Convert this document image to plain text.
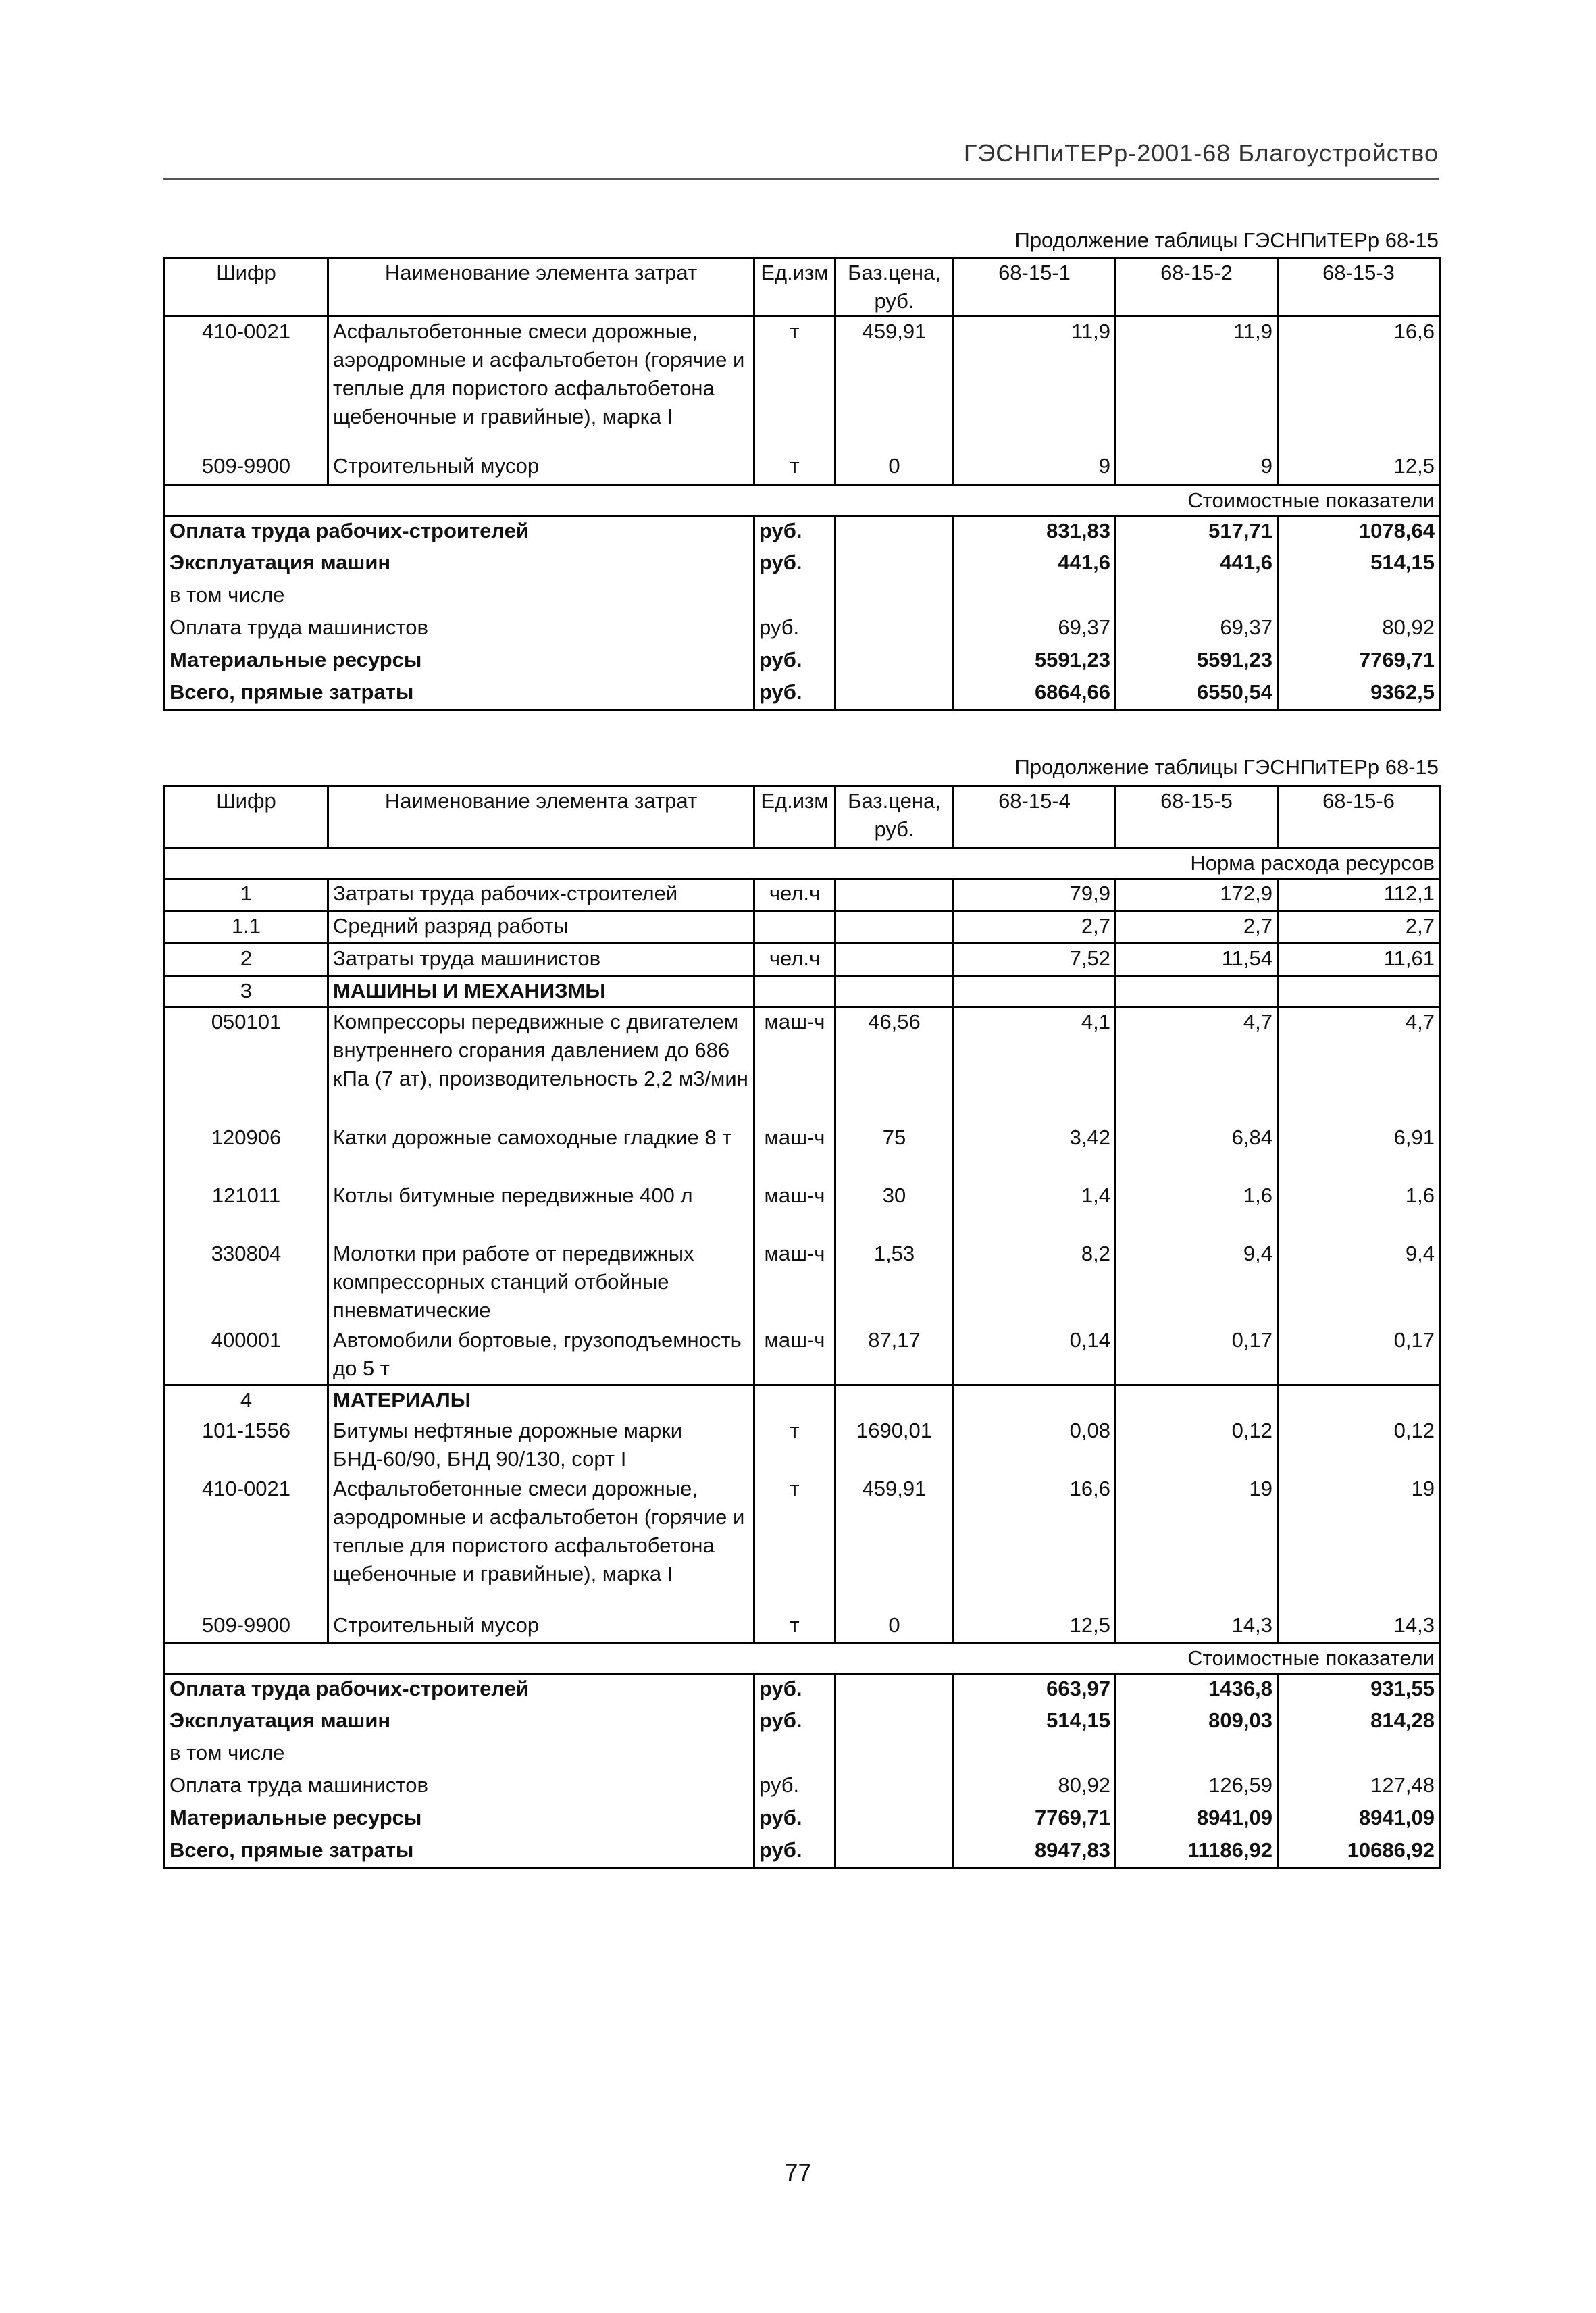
ГЭСНПиТЕРр-2001-68 Благоустройство
Продолжение таблицы ГЭСНПиТЕРр 68-15
Шифр	Наименование элемента затрат	Ед.изм	Баз.цена, руб.	68-15-1	68-15-2	68-15-3
410-0021	Асфальтобетонные смеси дорожные, аэродромные и асфальтобетон (горячие и теплые для пористого асфальтобетона щебеночные и гравийные), марка I	т	459,91	11,9	11,9	16,6
509-9900	Строительный мусор	т	0	9	9	12,5
Стоимостные показатели						
Оплата труда рабочих-строителей		руб.		831,83	517,71	1078,64
Эксплуатация машин		руб.		441,6	441,6	514,15
в том числе						
Оплата труда машинистов		руб.		69,37	69,37	80,92
Материальные ресурсы		руб.		5591,23	5591,23	7769,71
Всего, прямые затраты		руб.		6864,66	6550,54	9362,5
Продолжение таблицы ГЭСНПиТЕРр 68-15
Шифр	Наименование элемента затрат	Ед.изм	Баз.цена, руб.	68-15-4	68-15-5	68-15-6
Норма расхода ресурсов						
1	Затраты труда рабочих-строителей	чел.ч		79,9	172,9	112,1
1.1	Средний разряд работы			2,7	2,7	2,7
2	Затраты труда машинистов	чел.ч		7,52	11,54	11,61
3	МАШИНЫ И МЕХАНИЗМЫ					
050101	Компрессоры передвижные с двигателем внутреннего сгорания давлением до 686 кПа (7 ат), производительность 2,2 м3/мин	маш-ч	46,56	4,1	4,7	4,7
120906	Катки дорожные самоходные гладкие 8 т	маш-ч	75	3,42	6,84	6,91
121011	Котлы битумные передвижные 400 л	маш-ч	30	1,4	1,6	1,6
330804	Молотки при работе от передвижных компрессорных станций отбойные пневматические	маш-ч	1,53	8,2	9,4	9,4
400001	Автомобили бортовые, грузоподъемность до 5 т	маш-ч	87,17	0,14	0,17	0,17
4	МАТЕРИАЛЫ					
101-1556	Битумы нефтяные дорожные марки БНД-60/90, БНД 90/130, сорт I	т	1690,01	0,08	0,12	0,12
410-0021	Асфальтобетонные смеси дорожные, аэродромные и асфальтобетон (горячие и теплые для пористого асфальтобетона щебеночные и гравийные), марка I	т	459,91	16,6	19	19
509-9900	Строительный мусор	т	0	12,5	14,3	14,3
Стоимостные показатели						
Оплата труда рабочих-строителей		руб.		663,97	1436,8	931,55
Эксплуатация машин		руб.		514,15	809,03	814,28
в том числе						
Оплата труда машинистов		руб.		80,92	126,59	127,48
Материальные ресурсы		руб.		7769,71	8941,09	8941,09
Всего, прямые затраты		руб.		8947,83	11186,92	10686,92
77
